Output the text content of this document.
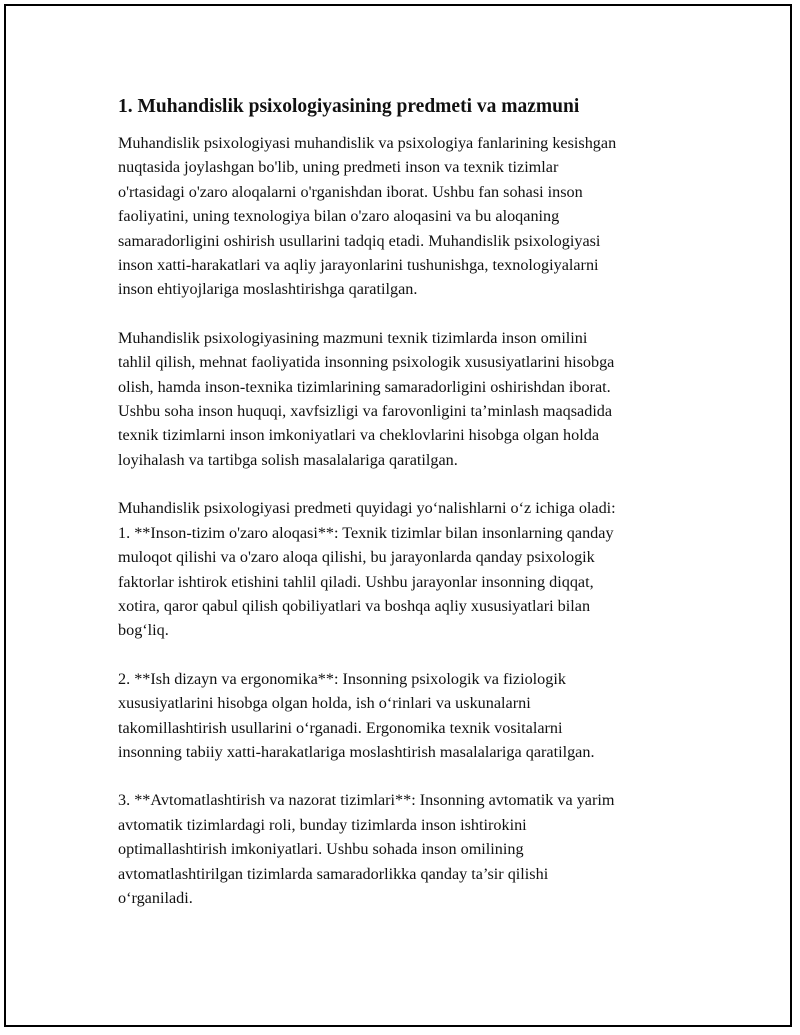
1. Muhandislik psixologiyasining predmeti va mazmuni

Muhandislik psixologiyasi muhandislik va psixologiya fanlarining kesishgan
nuqtasida joylashgan bo'lib, uning predmeti inson va texnik tizimlar
o'rtasidagi o'zaro aloqalarni o'rganishdan iborat. Ushbu fan sohasi inson
faoliyatini, uning texnologiya bilan o'zaro aloqasini va bu aloqaning
samaradorligini oshirish usullarini tadqiq etadi. Muhandislik psixologiyasi
inson xatti-harakatlari va aqliy jarayonlarini tushunishga, texnologiyalarni
inson ehtiyojlariga moslashtirishga qaratilgan.

Muhandislik psixologiyasining mazmuni texnik tizimlarda inson omilini
tahlil qilish, mehnat faoliyatida insonning psixologik xususiyatlarini hisobga
olish, hamda inson-texnika tizimlarining samaradorligini oshirishdan iborat.
Ushbu soha inson huquqi, xavfsizligi va farovonligini ta’minlash maqsadida
texnik tizimlarni inson imkoniyatlari va cheklovlarini hisobga olgan holda
loyihalash va tartibga solish masalalariga qaratilgan.

Muhandislik psixologiyasi predmeti quyidagi yo‘nalishlarni o‘z ichiga oladi:
1. **Inson-tizim o'zaro aloqasi**: Texnik tizimlar bilan insonlarning qanday
muloqot qilishi va o'zaro aloqa qilishi, bu jarayonlarda qanday psixologik
faktorlar ishtirok etishini tahlil qiladi. Ushbu jarayonlar insonning diqqat,
xotira, qaror qabul qilish qobiliyatlari va boshqa aqliy xususiyatlari bilan
bog‘liq.

2. **Ish dizayn va ergonomika**: Insonning psixologik va fiziologik
xususiyatlarini hisobga olgan holda, ish o‘rinlari va uskunalarni
takomillashtirish usullarini o‘rganadi. Ergonomika texnik vositalarni
insonning tabiiy xatti-harakatlariga moslashtirish masalalariga qaratilgan.

3. **Avtomatlashtirish va nazorat tizimlari**: Insonning avtomatik va yarim
avtomatik tizimlardagi roli, bunday tizimlarda inson ishtirokini
optimallashtirish imkoniyatlari. Ushbu sohada inson omilining
avtomatlashtirilgan tizimlarda samaradorlikka qanday ta’sir qilishi
o‘rganiladi.
